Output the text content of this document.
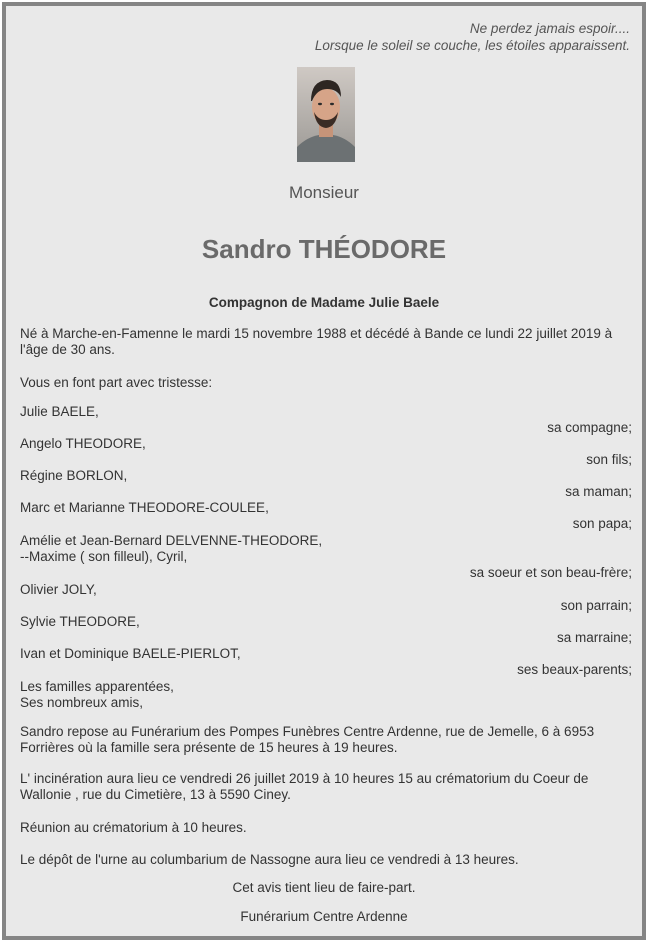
Ne perdez jamais espoir....
Lorsque le soleil se couche, les étoiles apparaissent.
Monsieur
Sandro THÉODORE
Compagnon de Madame Julie Baele
Né à Marche-en-Famenne le mardi 15 novembre 1988 et décédé à Bande ce lundi 22 juillet 2019 à
l'âge de 30 ans.
Vous en font part avec tristesse:
Julie BAELE,
sa compagne;
Angelo THEODORE,
son fils;
Régine BORLON,
sa maman;
Marc et Marianne THEODORE-COULEE,
son papa;
Amélie et Jean-Bernard DELVENNE-THEODORE,
--Maxime ( son filleul), Cyril,
sa soeur et son beau-frère;
Olivier JOLY,
son parrain;
Sylvie THEODORE,
sa marraine;
Ivan et Dominique BAELE-PIERLOT,
ses beaux-parents;
Les familles apparentées,
Ses nombreux amis,
Sandro repose au Funérarium des Pompes Funèbres Centre Ardenne, rue de Jemelle, 6 à 6953
Forrières où la famille sera présente de 15 heures à 19 heures.
L' incinération aura lieu ce vendredi 26 juillet 2019 à 10 heures 15 au crématorium du Coeur de
Wallonie , rue du Cimetière, 13 à 5590 Ciney.
Réunion au crématorium à 10 heures.
Le dépôt de l'urne au columbarium de Nassogne aura lieu ce vendredi à 13 heures.
Cet avis tient lieu de faire-part.
Funérarium Centre Ardenne
